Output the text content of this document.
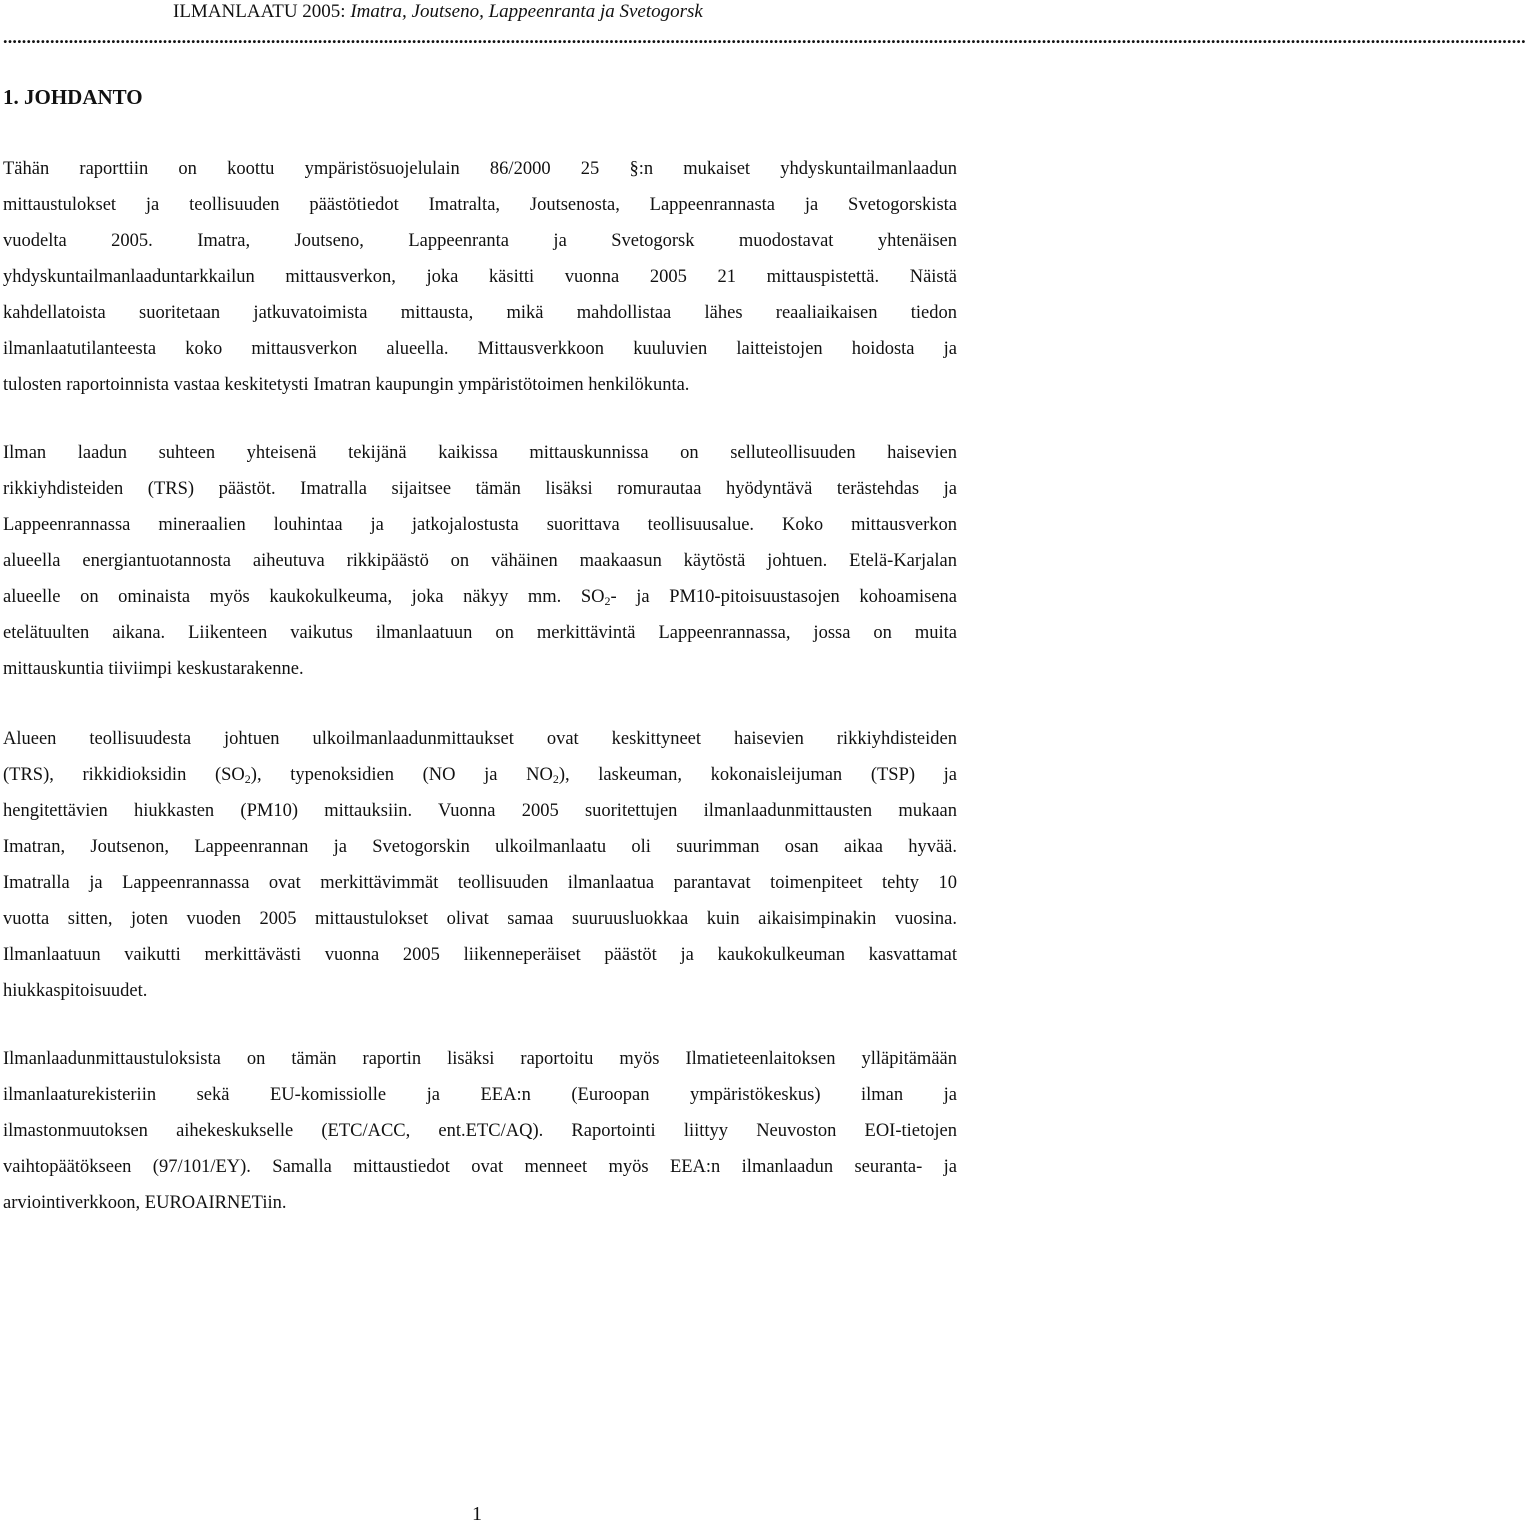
ILMANLAATU 2005: Imatra, Joutseno, Lappeenranta ja Svetogorsk
....................................................................................................................................................................................................................................................................................................................................
1. JOHDANTO
Tähän raporttiin on koottu ympäristösuojelulain 86/2000 25 §:n mukaiset yhdyskuntailmanlaadun
mittaustulokset ja teollisuuden päästötiedot Imatralta, Joutsenosta, Lappeenrannasta ja Svetogorskista
vuodelta 2005. Imatra, Joutseno, Lappeenranta ja Svetogorsk muodostavat yhtenäisen
yhdyskuntailmanlaaduntarkkailun mittausverkon, joka käsitti vuonna 2005 21 mittauspistettä. Näistä
kahdellatoista suoritetaan jatkuvatoimista mittausta, mikä mahdollistaa lähes reaaliaikaisen tiedon
ilmanlaatutilanteesta koko mittausverkon alueella. Mittausverkkoon kuuluvien laitteistojen hoidosta ja
tulosten raportoinnista vastaa keskitetysti Imatran kaupungin ympäristötoimen henkilökunta.
Ilman laadun suhteen yhteisenä tekijänä kaikissa mittauskunnissa on selluteollisuuden haisevien
rikkiyhdisteiden (TRS) päästöt. Imatralla sijaitsee tämän lisäksi romurautaa hyödyntävä terästehdas ja
Lappeenrannassa mineraalien louhintaa ja jatkojalostusta suorittava teollisuusalue. Koko mittausverkon
alueella energiantuotannosta aiheutuva rikkipäästö on vähäinen maakaasun käytöstä johtuen. Etelä-Karjalan
alueelle on ominaista myös kaukokulkeuma, joka näkyy mm. $SO_2-$ ja PM10-pitoisuustasojen kohoamisena
etelätuulten aikana. Liikenteen vaikutus ilmanlaatuun on merkittävintä Lappeenrannassa, jossa on muita
mittauskuntia tiiviimpi keskustarakenne.
Alueen teollisuudesta johtuen ulkoilmanlaadunmittaukset ovat keskittyneet haisevien rikkiyhdisteiden
(TRS), rikkidioksidin $(SO_2)$, typenoksidien (NO ja $NO_2$), laskeuman, kokonaisleijuman (TSP) ja
hengitettävien hiukkasten (PM10) mittauksiin. Vuonna 2005 suoritettujen ilmanlaadunmittausten mukaan
Imatran, Joutsenon, Lappeenrannan ja Svetogorskin ulkoilmanlaatu oli suurimman osan aikaa hyvää.
Imatralla ja Lappeenrannassa ovat merkittävimmät teollisuuden ilmanlaatua parantavat toimenpiteet tehty 10
vuotta sitten, joten vuoden 2005 mittaustulokset olivat samaa suuruusluokkaa kuin aikaisimpinakin vuosina.
Ilmanlaatuun vaikutti merkittävästi vuonna 2005 liikenneperäiset päästöt ja kaukokulkeuman kasvattamat
hiukkaspitoisuudet.
Ilmanlaadunmittaustuloksista on tämän raportin lisäksi raportoitu myös Ilmatieteenlaitoksen ylläpitämään
ilmanlaaturekisteriin sekä EU-komissiolle ja EEA:n (Euroopan ympäristökeskus) ilman ja
ilmastonmuutoksen aihekeskukselle (ETC/ACC, ent.ETC/AQ). Raportointi liittyy Neuvoston EOI-tietojen
vaihtopäätökseen (97/101/EY). Samalla mittaustiedot ovat menneet myös EEA:n ilmanlaadun seuranta- ja
arviointiverkkoon, EUROAIRNETiin.
1
